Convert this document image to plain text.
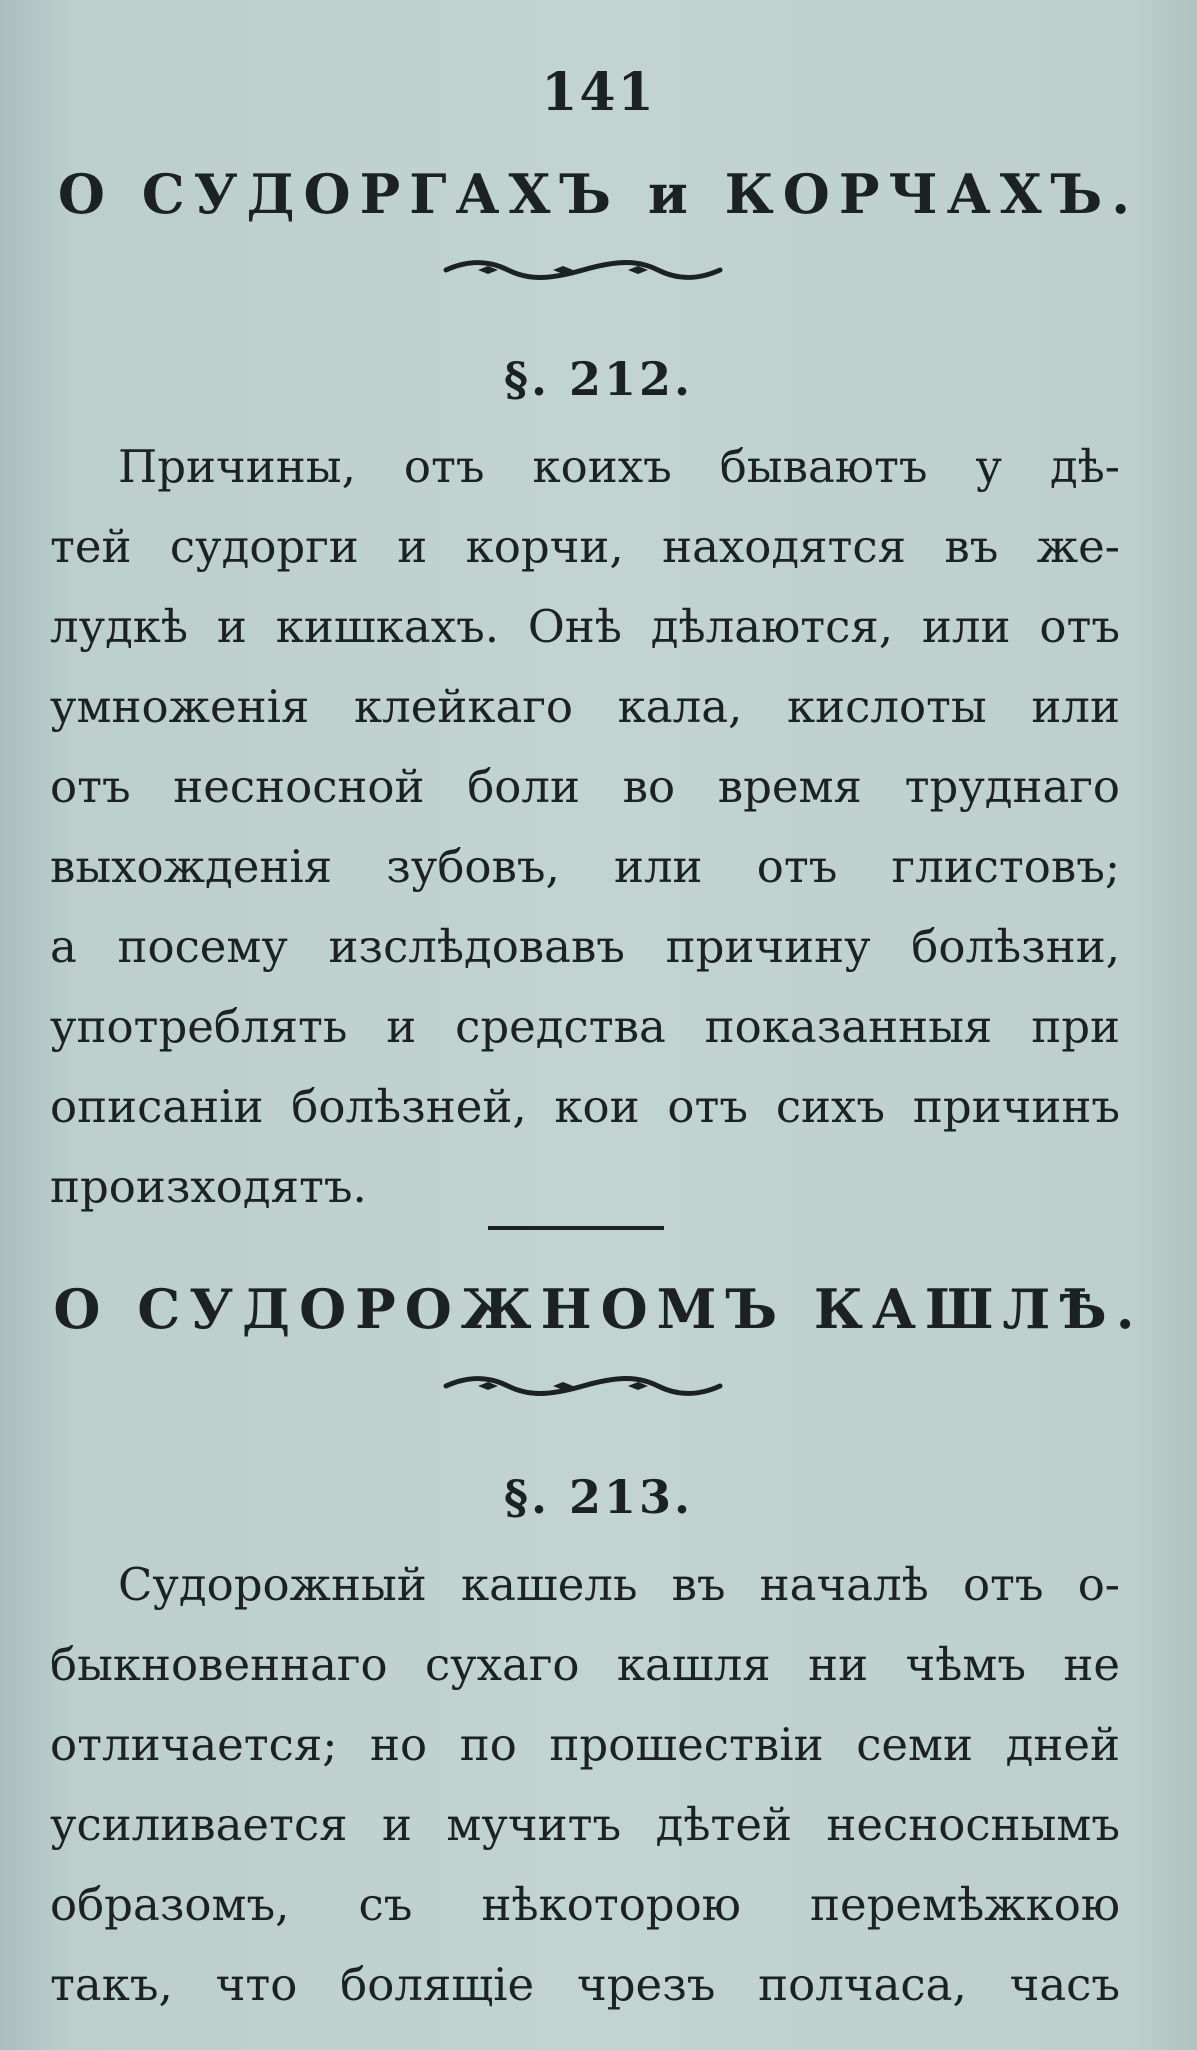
141
О СУДОРГАХЪ и КОРЧАХЪ.
§. 212.
Причины, отъ коихъ бываютъ у дѣ-
тей судорги и корчи, находятся въ же-
лудкѣ и кишкахъ. Онѣ дѣлаются, или отъ
умноженія клейкаго кала, кислоты или
отъ несносной боли во время труднаго
выхожденія зубовъ, или отъ глистовъ;
а посему изслѣдовавъ причину болѣзни,
употреблять и средства показанныя при
описаніи болѣзней, кои отъ сихъ причинъ
произходятъ.
О СУДОРОЖНОМЪ КАШЛѢ.
§. 213.
Судорожный кашель въ началѣ отъ о-
быкновеннаго сухаго кашля ни чѣмъ не
отличается; но по прошествіи семи дней
усиливается и мучитъ дѣтей несноснымъ
образомъ, съ нѣкоторою перемѣжкою
такъ, что болящіе чрезъ полчаса, часъ
